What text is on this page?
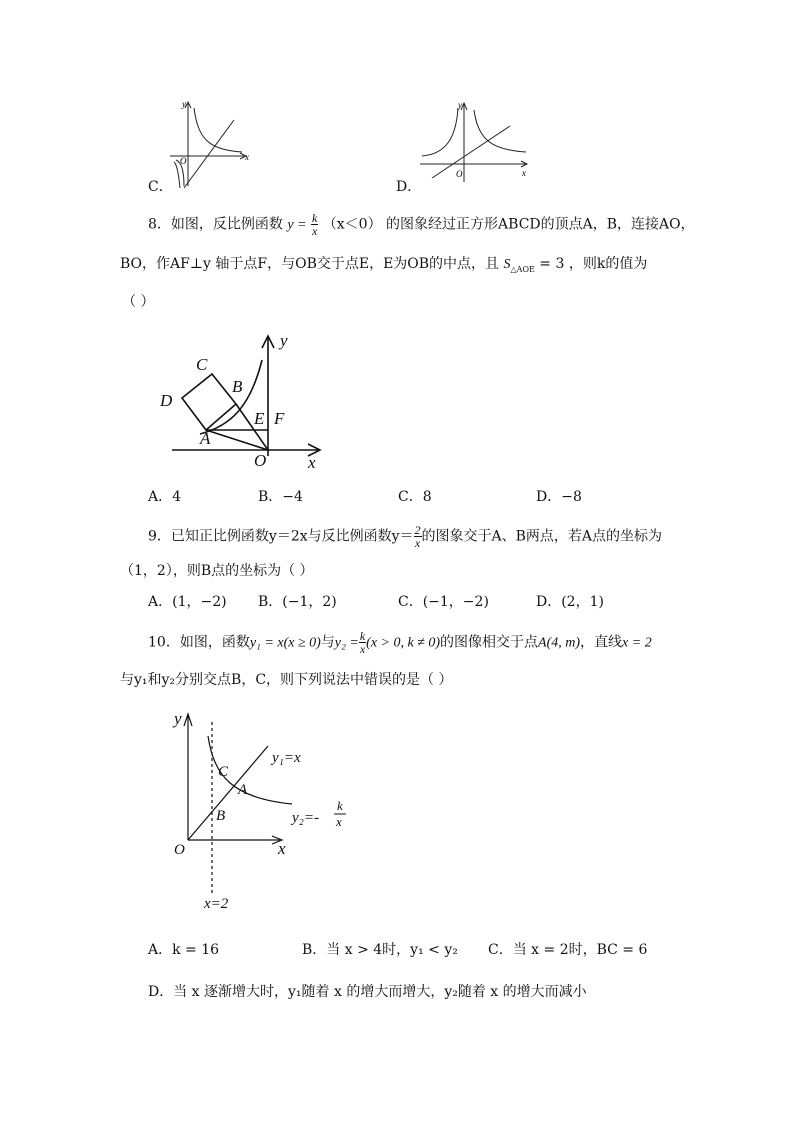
y
x
O
C．
y
x
O
D．
8．如图，反比例函数 $y = \frac{k}{x} (x<0)$ 的图象经过正方形ABCD的顶点A，B，连接AO，
BO，作AF⊥y 轴于点F，与OB交于点E，E为OB的中点，且 $S_{\triangle AOE} = 3$ ，则k的值为
（ ）
y
C
D
B
E F
A
O x
A．4	B．−4	C．8	D．−8
9．已知正比例函数y＝2x与反比例函数$y= \frac{2}{x}$ 的图象交于A、B两点，若A点的坐标为
（1，2），则B点的坐标为（ ）
A．(1，−2) B．(−1，2)	C．(−1，−2)	D．(2，1)
10．如图，函数y₁ = x(x ≥ 0)与$y_2 = \frac{k}{x} (x > 0$, k ≠ 0)的图像相交于点A(4, m)，直线x = 2
与y₁和y₂分别交点B，C，则下列说法中错误的是（ ）
y
C
A
B
O	x
y₁=x
y₂=-
k
x
x=2
A．k = 16	B．当 x > 4时，y₁ < y₂ C．当 x = 2时，BC = 6
D．当 x 逐渐增大时，y₁随着 x 的增大而增大，y₂随着 x 的增大而减小
